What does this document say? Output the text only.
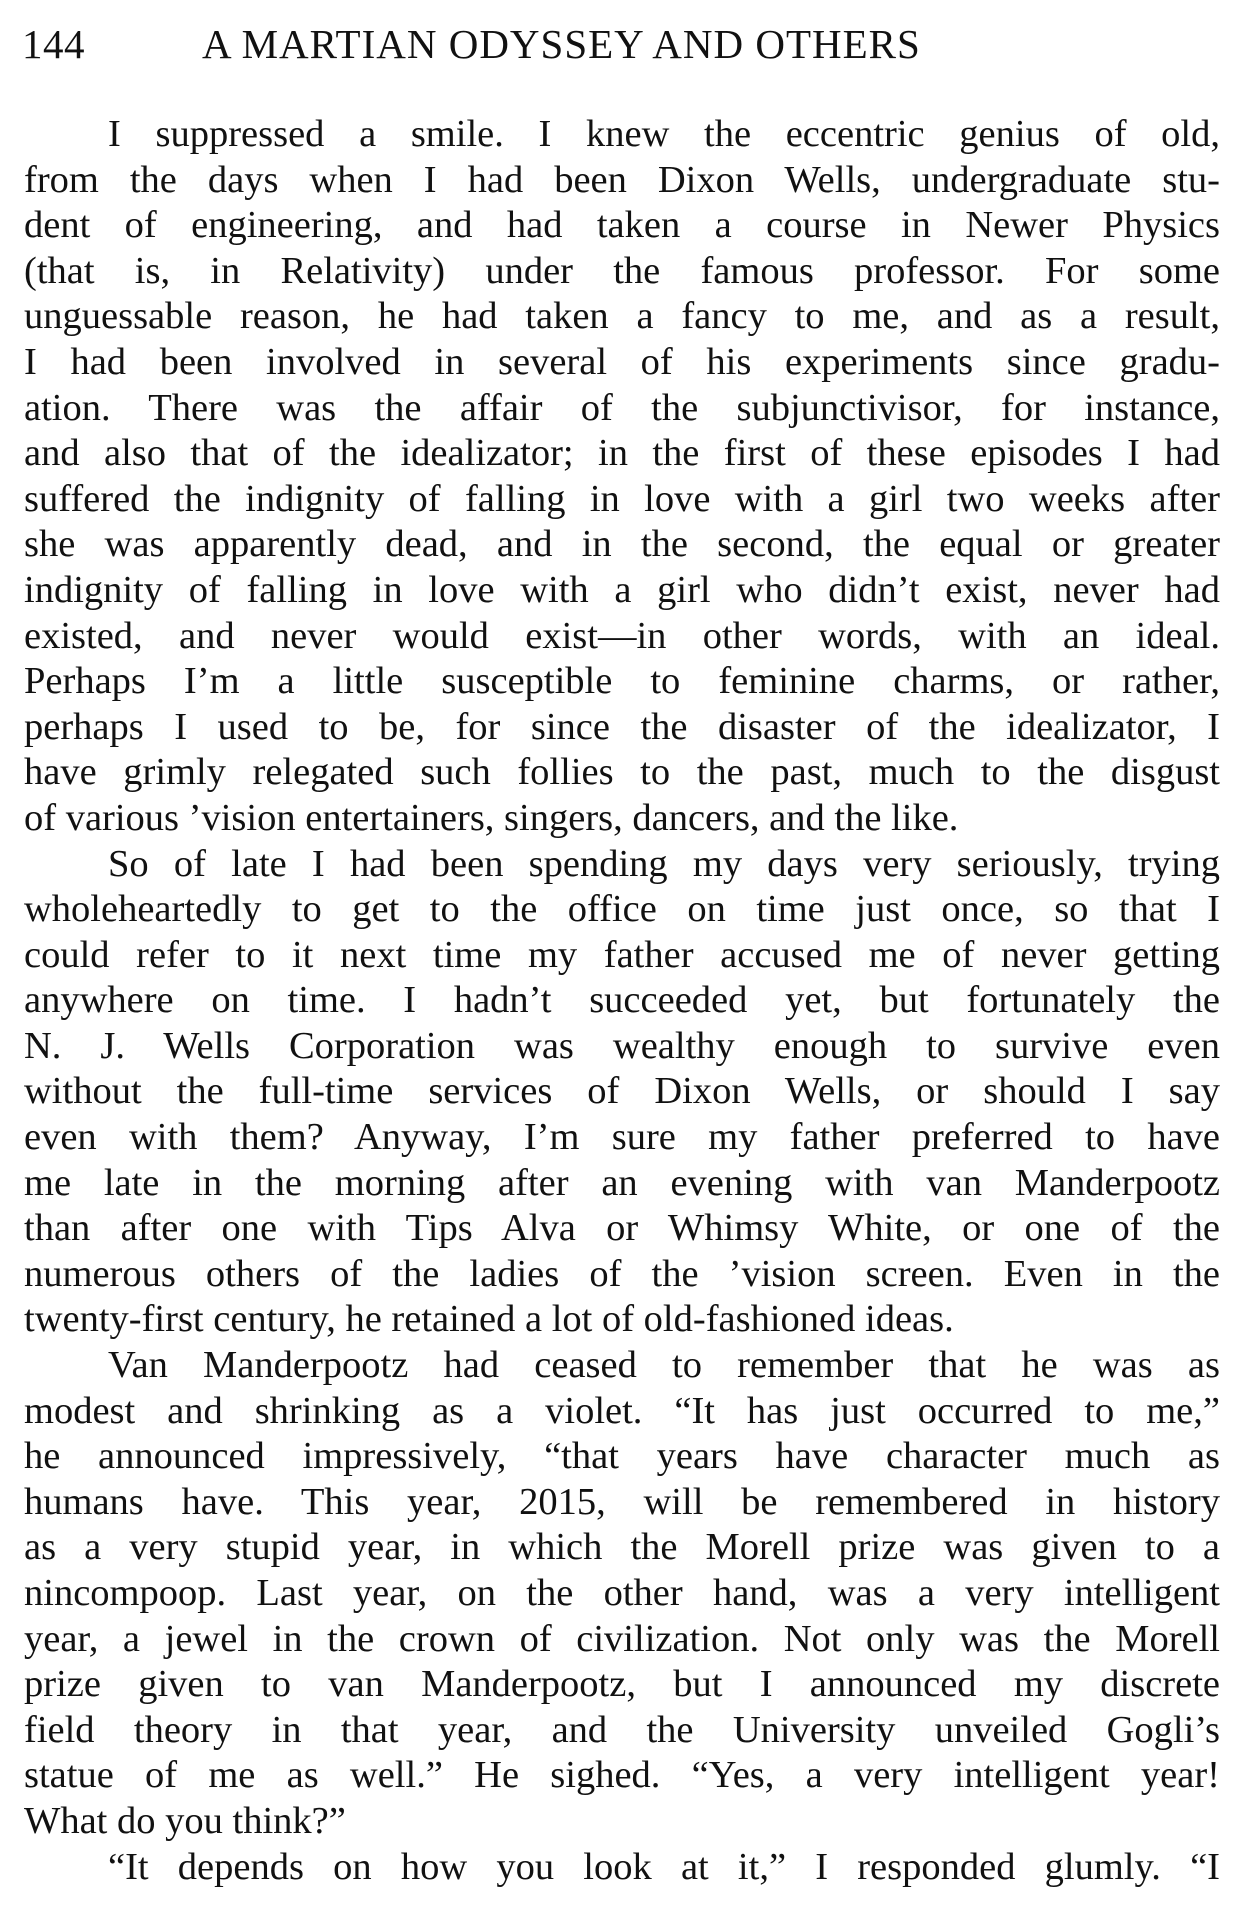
144	A MARTIAN ODYSSEY AND OTHERS

I suppressed a smile. I knew the eccentric genius of old,
from the days when I had been Dixon Wells, undergraduate stu-
dent of engineering, and had taken a course in Newer Physics
(that is, in Relativity) under the famous professor. For some
unguessable reason, he had taken a fancy to me, and as a result,
I had been involved in several of his experiments since gradu-
ation. There was the affair of the subjunctivisor, for instance,
and also that of the idealizator; in the first of these episodes I had
suffered the indignity of falling in love with a girl two weeks after
she was apparently dead, and in the second, the equal or greater
indignity of falling in love with a girl who didn’t exist, never had
existed, and never would exist—in other words, with an ideal.
Perhaps I’m a little susceptible to feminine charms, or rather,
perhaps I used to be, for since the disaster of the idealizator, I
have grimly relegated such follies to the past, much to the disgust
of various ’vision entertainers, singers, dancers, and the like.

So of late I had been spending my days very seriously, trying
wholeheartedly to get to the office on time just once, so that I
could refer to it next time my father accused me of never getting
anywhere on time. I hadn’t succeeded yet, but fortunately the
N. J. Wells Corporation was wealthy enough to survive even
without the full-time services of Dixon Wells, or should I say
even with them? Anyway, I’m sure my father preferred to have
me late in the morning after an evening with van Manderpootz
than after one with Tips Alva or Whimsy White, or one of the
numerous others of the ladies of the ’vision screen. Even in the
twenty-first century, he retained a lot of old-fashioned ideas.

Van Manderpootz had ceased to remember that he was as
modest and shrinking as a violet. “It has just occurred to me,”
he announced impressively, “that years have character much as
humans have. This year, 2015, will be remembered in history
as a very stupid year, in which the Morell prize was given to a
nincompoop. Last year, on the other hand, was a very intelligent
year, a jewel in the crown of civilization. Not only was the Morell
prize given to van Manderpootz, but I announced my discrete
field theory in that year, and the University unveiled Gogli’s
statue of me as well.” He sighed. “Yes, a very intelligent year!
What do you think?”

“It depends on how you look at it,” I responded glumly. “I
